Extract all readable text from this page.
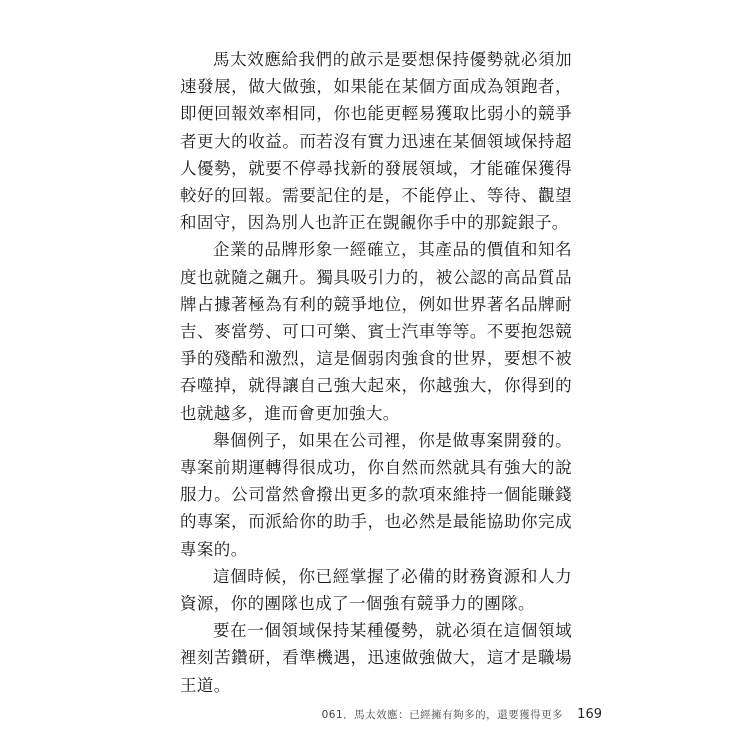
馬太效應給我們的啟示是要想保持優勢就必須加速發展，做大做強，如果能在某個方面成為領跑者，即便回報效率相同，你也能更輕易獲取比弱小的競爭者更大的收益。而若沒有實力迅速在某個領域保持超人優勢，就要不停尋找新的發展領域，才能確保獲得較好的回報。需要記住的是，不能停止、等待、觀望和固守，因為別人也許正在覬覦你手中的那錠銀子。

企業的品牌形象一經確立，其產品的價值和知名度也就隨之飆升。獨具吸引力的，被公認的高品質品牌占據著極為有利的競爭地位，例如世界著名品牌耐吉、麥當勞、可口可樂、賓士汽車等等。不要抱怨競爭的殘酷和激烈，這是個弱肉強食的世界，要想不被吞噬掉，就得讓自己強大起來，你越強大，你得到的也就越多，進而會更加強大。

舉個例子，如果在公司裡，你是做專案開發的。專案前期運轉得很成功，你自然而然就具有強大的說服力。公司當然會撥出更多的款項來維持一個能賺錢的專案，而派給你的助手，也必然是最能協助你完成專案的。

這個時候，你已經掌握了必備的財務資源和人力資源，你的團隊也成了一個強有競爭力的團隊。

要在一個領域保持某種優勢，就必須在這個領域裡刻苦鑽研，看準機遇，迅速做強做大，這才是職場王道。

061．馬太效應：已經擁有夠多的，還要獲得更多 169
